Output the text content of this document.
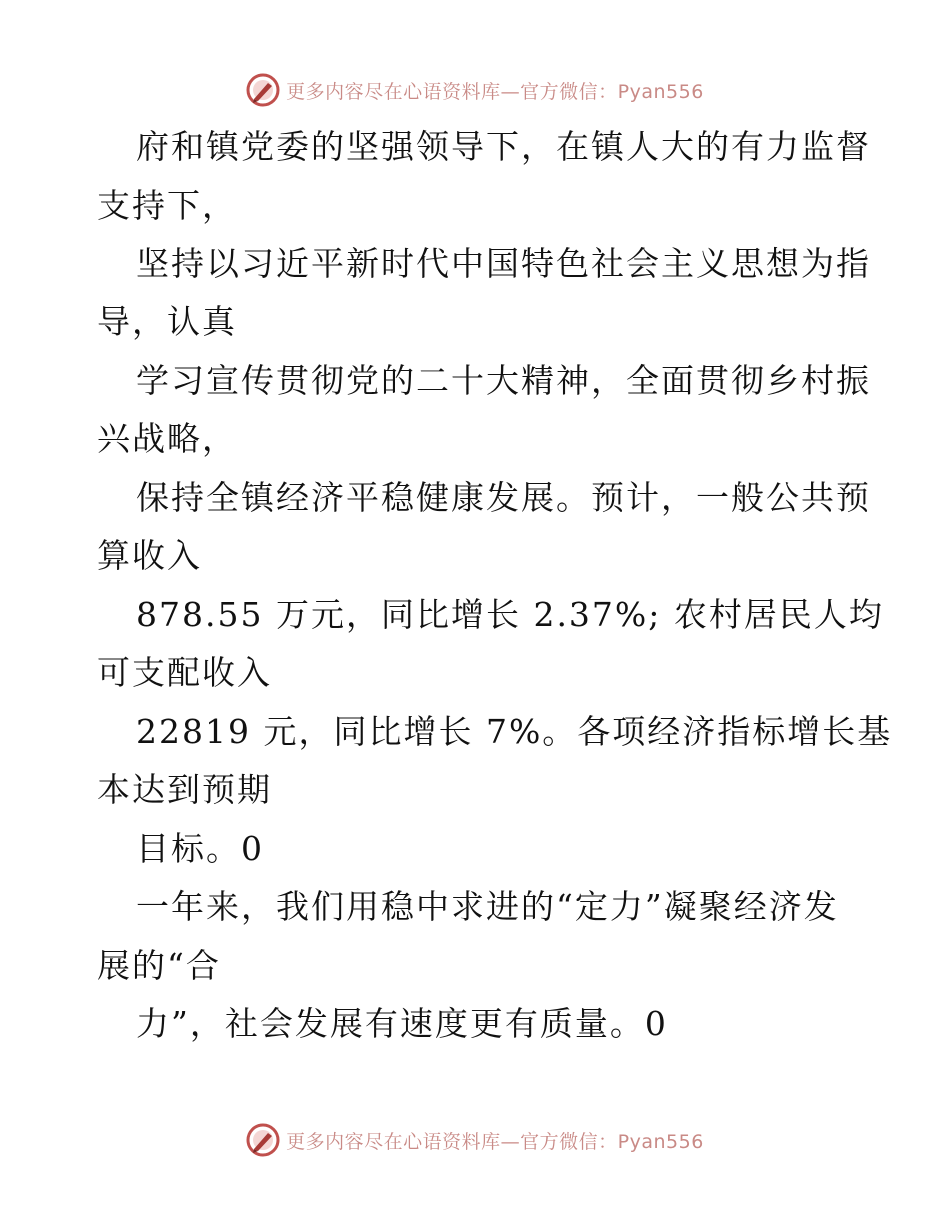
更多内容尽在心语资料库—官方微信：Pyan556
府和镇党委的坚强领导下，在镇人大的有力监督
支持下，
坚持以习近平新时代中国特色社会主义思想为指
导，认真
学习宣传贯彻党的二十大精神，全面贯彻乡村振
兴战略，
保持全镇经济平稳健康发展。预计，一般公共预
算收入
878.55 万元，同比增长 2.37%; 农村居民人均
可支配收入
22819 元，同比增长 7%。各项经济指标增长基
本达到预期
目标。0
一年来，我们用稳中求进的“定力”凝聚经济发
展的“合
力”，社会发展有速度更有质量。0
更多内容尽在心语资料库—官方微信：Pyan556
